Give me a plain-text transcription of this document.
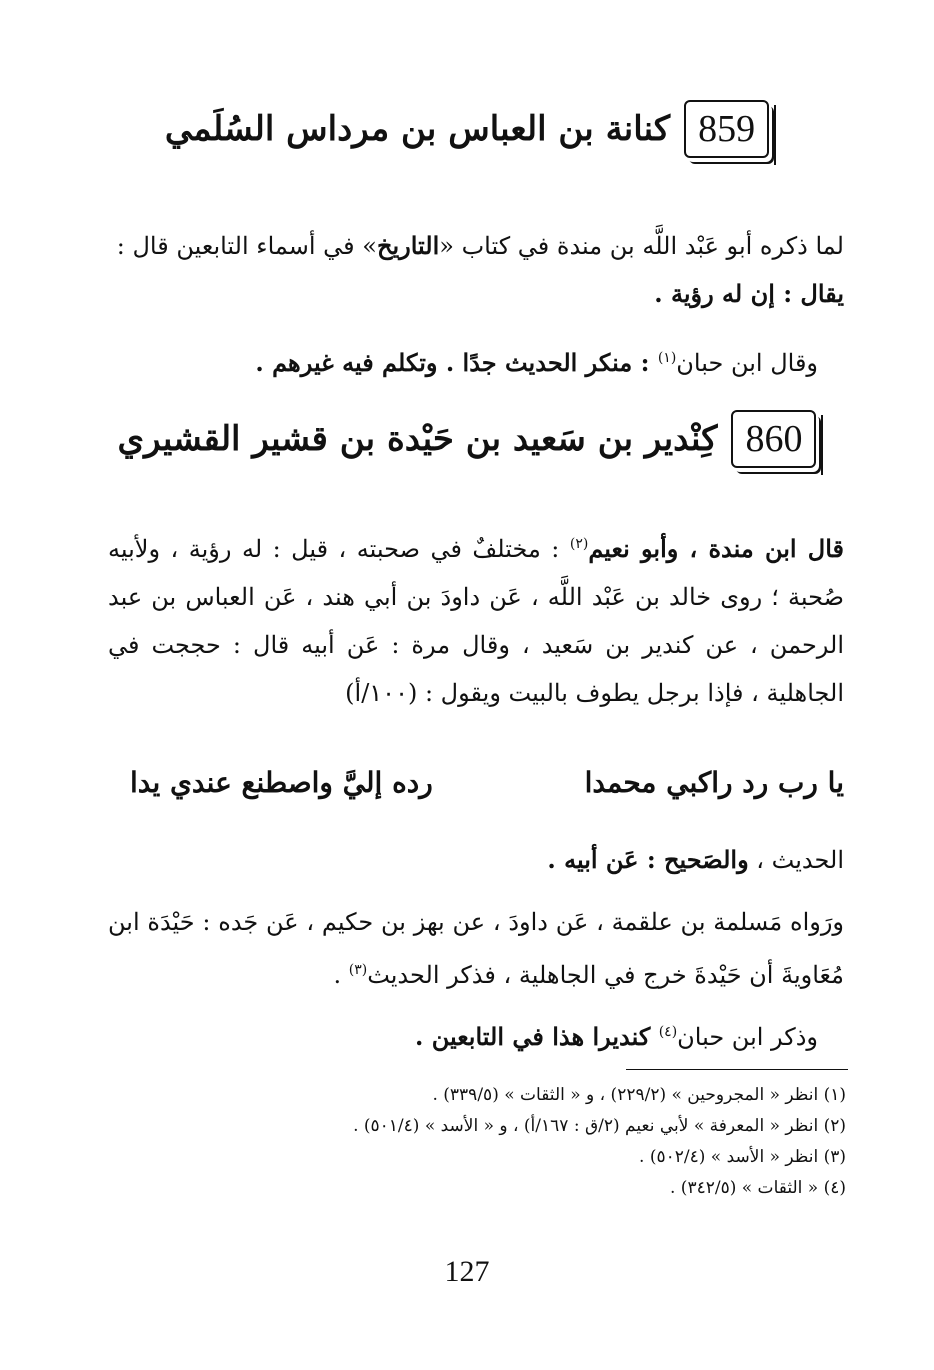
859
كنانة بن العباس بن مرداس السُلَمي
لما ذكره أبو عَبْد اللَّه بن مندة في كتاب «التاريخ» في أسماء التابعين قال :
يقال : إن له رؤية .
وقال ابن حبان$^{(١)}$ : منكر الحديث جدًا . وتكلم فيه غيرهم .
860
كِنْدير بن سَعيد بن حَيْدة بن قشير القشيري
قال ابن مندة ، وأبو نعيم$^{(٢)}$ : مختلفٌ في صحبته ، قيل : له رؤية ، ولأبيه صُحبة ؛ روى خالد بن عَبْد اللَّه ، عَن داودَ بن أبي هند ، عَن العباس بن عبد الرحمن ، عن كندير بن سَعيد ، وقال مرة : عَن أبيه قال : حججت في الجاهلية ، فإذا برجل يطوف بالبيت ويقول : (١٠٠/أ)
يا رب رد راكبي محمدا
رده إليَّ واصطنع عندي يدا
الحديث ، والصَحيح : عَن أبيه .
ورَواه مَسلمة بن علقمة ، عَن داودَ ، عن بهز بن حكيم ، عَن جَده : حَيْدَة ابن مُعَاويةَ أن حَيْدةَ خرج في الجاهلية ، فذكر الحديث$^{(٣)}$ .
وذكر ابن حبان$^{(٤)}$ كنديرا هذا في التابعين .
(١) انظر « المجروحين » (٢٢٩/٢) ، و « الثقات » (٣٣٩/٥) .
(٢) انظر « المعرفة » لأبي نعيم (٢/ق : ١٦٧/أ) ، و « الأسد » (٥٠١/٤) .
(٣) انظر « الأسد » (٥٠٢/٤) .
(٤) « الثقات » (٣٤٢/٥) .
127
